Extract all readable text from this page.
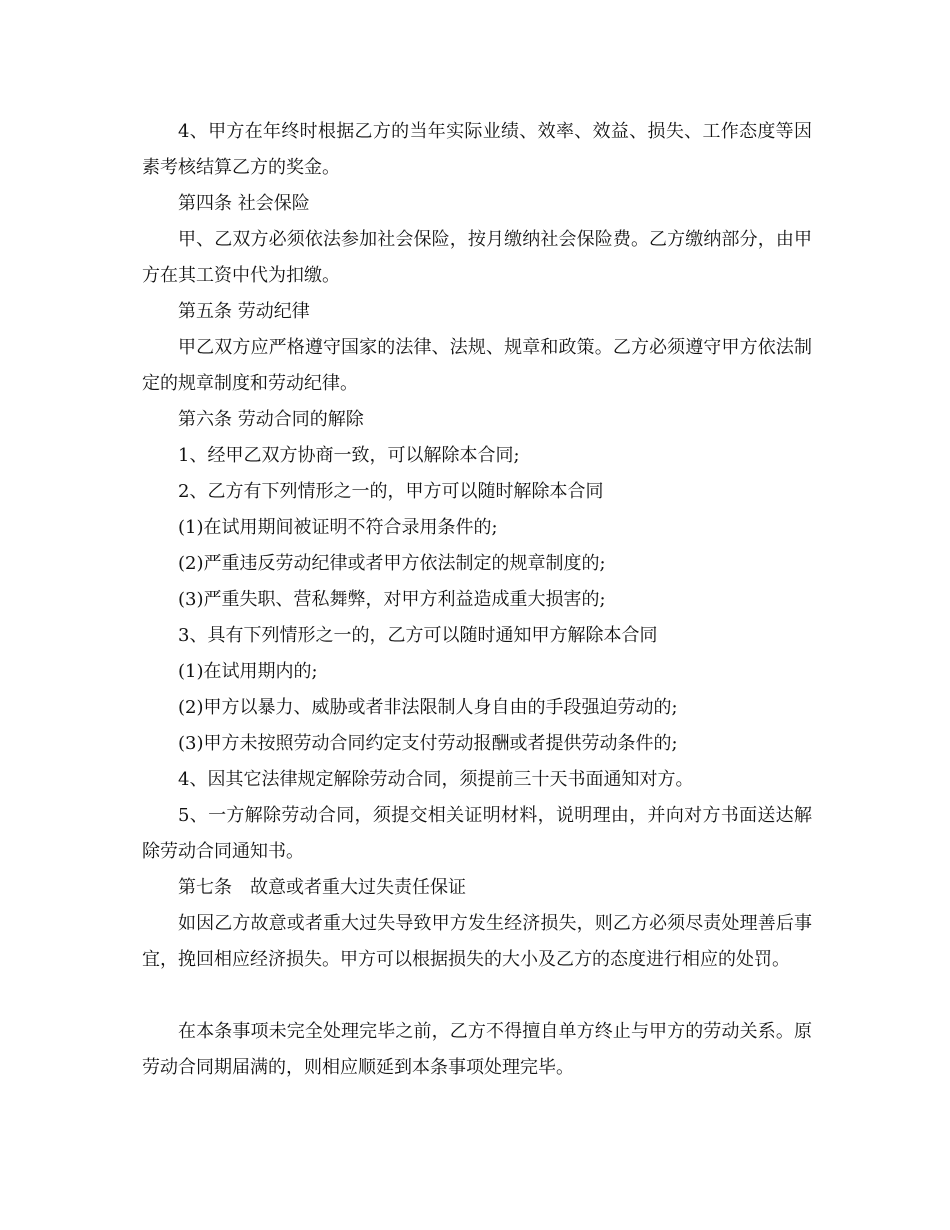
4、甲方在年终时根据乙方的当年实际业绩、效率、效益、损失、工作态度等因素考核结算乙方的奖金。
第四条 社会保险
甲、乙双方必须依法参加社会保险，按月缴纳社会保险费。乙方缴纳部分，由甲方在其工资中代为扣缴。
第五条 劳动纪律
甲乙双方应严格遵守国家的法律、法规、规章和政策。乙方必须遵守甲方依法制定的规章制度和劳动纪律。
第六条 劳动合同的解除
1、经甲乙双方协商一致，可以解除本合同;
2、乙方有下列情形之一的，甲方可以随时解除本合同
(1)在试用期间被证明不符合录用条件的;
(2)严重违反劳动纪律或者甲方依法制定的规章制度的;
(3)严重失职、营私舞弊，对甲方利益造成重大损害的;
3、具有下列情形之一的，乙方可以随时通知甲方解除本合同
(1)在试用期内的;
(2)甲方以暴力、威胁或者非法限制人身自由的手段强迫劳动的;
(3)甲方未按照劳动合同约定支付劳动报酬或者提供劳动条件的;
4、因其它法律规定解除劳动合同，须提前三十天书面通知对方。
5、一方解除劳动合同，须提交相关证明材料，说明理由，并向对方书面送达解除劳动合同通知书。
第七条　故意或者重大过失责任保证
如因乙方故意或者重大过失导致甲方发生经济损失，则乙方必须尽责处理善后事宜，挽回相应经济损失。甲方可以根据损失的大小及乙方的态度进行相应的处罚。
在本条事项未完全处理完毕之前，乙方不得擅自单方终止与甲方的劳动关系。原劳动合同期届满的，则相应顺延到本条事项处理完毕。
